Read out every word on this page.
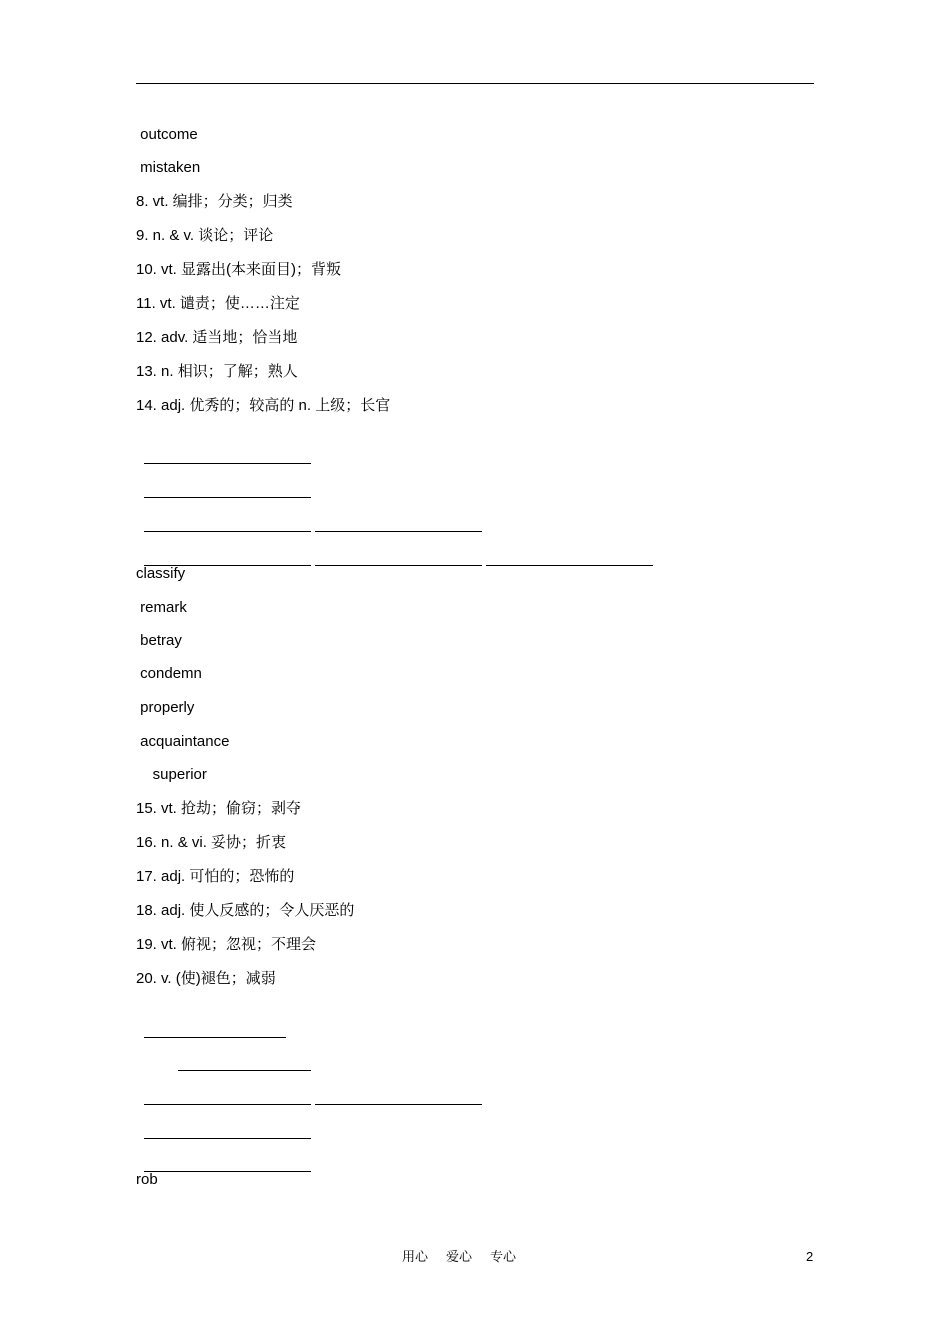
outcome
mistaken
8. vt. 编排；分类；归类
9. n. & v. 谈论；评论
10. vt. 显露出(本来面目)；背叛
11. vt. 谴责；使……注定
12. adv. 适当地；恰当地
13. n. 相识；了解；熟人
14. adj. 优秀的；较高的 n. 上级；长官

classify
remark
betray
condemn
properly
acquaintance
superior
15. vt. 抢劫；偷窃；剥夺
16. n. & vi. 妥协；折衷
17. adj. 可怕的；恐怖的
18. adj. 使人反感的；令人厌恶的
19. vt. 俯视；忽视；不理会
20. v. (使)褪色；减弱

rob
用心 爱心 专心	2
